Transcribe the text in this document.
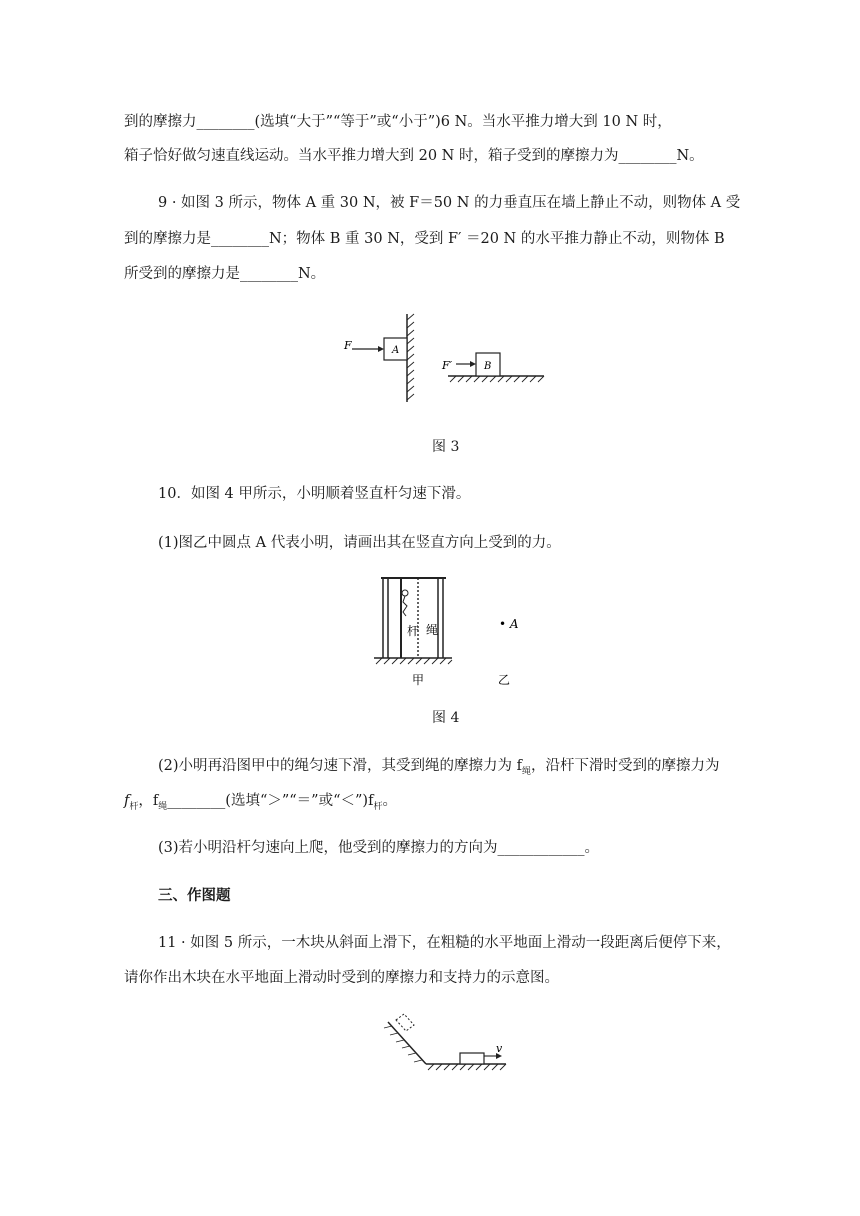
到的摩擦力________(选填“大于”“等于”或“小于”)6 N。当水平推力增大到 10 N 时，
箱子恰好做匀速直线运动。当水平推力增大到 20 N 时，箱子受到的摩擦力为________N。
9 · 如图 3 所示，物体 A 重 30 N，被 F＝50 N 的力垂直压在墙上静止不动，则物体 A 受
到的摩擦力是________N；物体 B 重 30 N，受到 F′ ＝20 N 的水平推力静止不动，则物体 B
所受到的摩擦力是________N。
F	A
F′	B
图 3
10．如图 4 甲所示，小明顺着竖直杆匀速下滑。
(1)图乙中圆点 A 代表小明，请画出其在竖直方向上受到的力。
杆 绳	• A
甲	乙
图 4
(2)小明再沿图甲中的绳匀速下滑，其受到绳的摩擦力为 $f_绳$，沿杆下滑时受到的摩擦力为
$f_杆$，$f_绳\_\_\_\_\_\_\_\_$(选填“＞”“＝”或“$<”)f_杆$。
(3)若小明沿杆匀速向上爬，他受到的摩擦力的方向为____________。
三、作图题
11 · 如图 5 所示，一木块从斜面上滑下，在粗糙的水平地面上滑动一段距离后便停下来，
请你作出木块在水平地面上滑动时受到的摩擦力和支持力的示意图。
v
